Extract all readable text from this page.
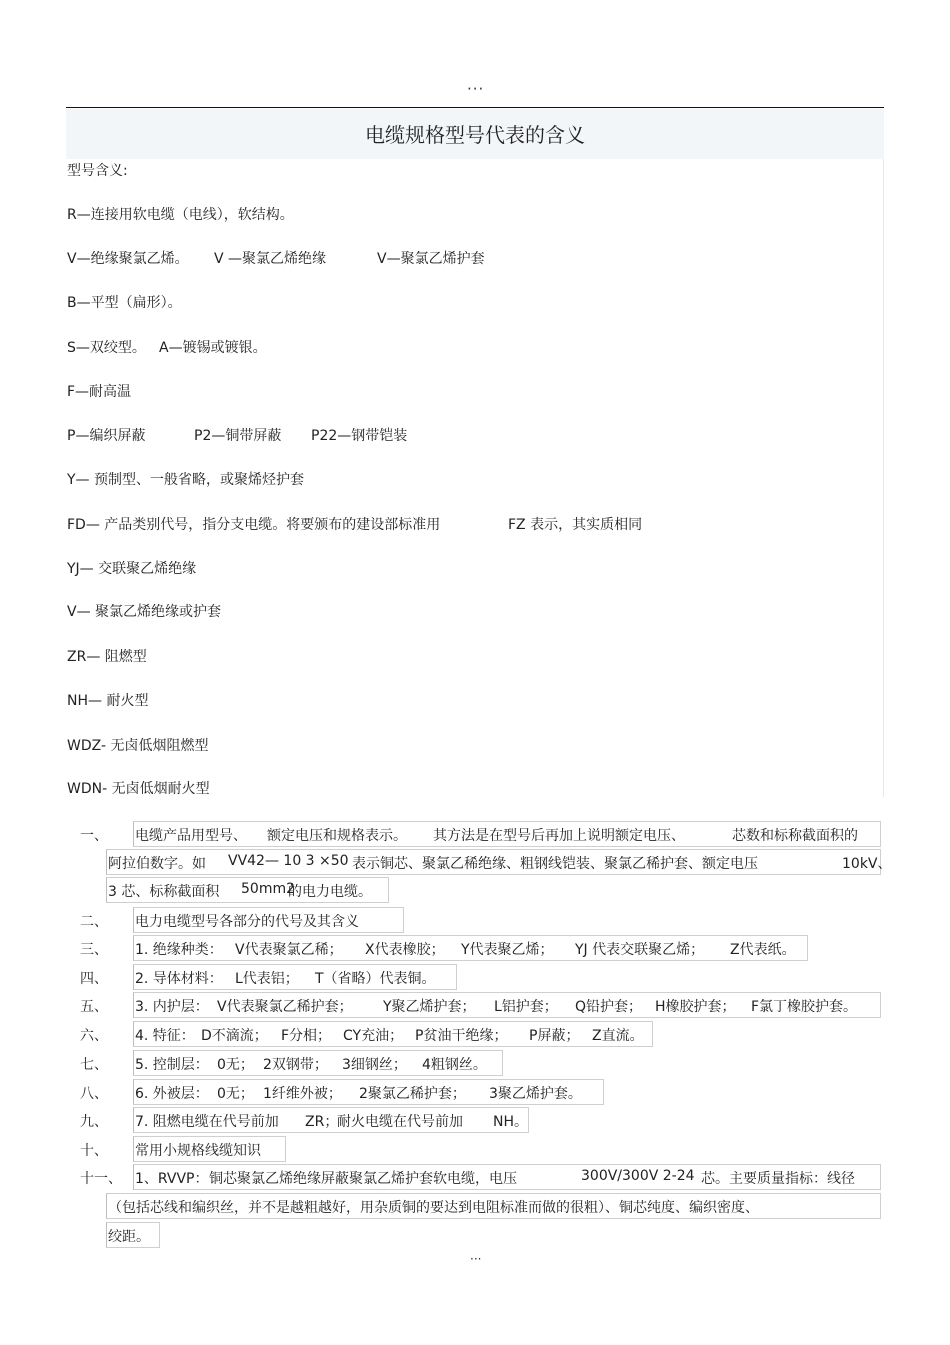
···
电缆规格型号代表的含义
型号含义:
R—连接用软电缆（电线），软结构。
V—绝缘聚氯乙烯。 V —聚氯乙烯绝缘	V—聚氯乙烯护套
B—平型（扁形）。
S—双绞型。 A—镀锡或镀银。
F—耐高温
P—编织屏蔽	P2—铜带屏蔽 P22—钢带铠装
Y— 预制型、一般省略，或聚烯烃护套
FD— 产品类别代号，指分支电缆。将要颁布的建设部标准用	FZ 表示，其实质相同
YJ— 交联聚乙烯绝缘
V— 聚氯乙烯绝缘或护套
ZR— 阻燃型
NH— 耐火型
WDZ- 无卤低烟阻燃型
WDN- 无卤低烟耐火型
一、 电缆产品用型号、 额定电压和规格表示。 其方法是在型号后再加上说明额定电压、	芯数和标称截面积的
阿拉伯数字。如 VV42— 10 3 ×50 表示铜芯、聚氯乙稀绝缘、粗钢线铠装、聚氯乙稀护套、额定电压	10kV、
3 芯、标称截面积 50mm2
的电力电缆。
二、 电力电缆型号各部分的代号及其含义
三、 1. 绝缘种类： V代表聚氯乙稀； X代表橡胶； Y代表聚乙烯； YJ 代表交联聚乙烯； Z代表纸。
四、 2. 导体材料： L代表铝； T（省略）代表铜。
五、 3. 内护层： V代表聚氯乙稀护套； Y聚乙烯护套； L铝护套； Q铅护套； H橡胶护套； F氯丁橡胶护套。
六、 4. 特征： D不滴流； F分相； CY充油； P贫油干绝缘； P屏蔽； Z直流。
七、 5. 控制层： 0无； 2双钢带； 3细钢丝； 4粗钢丝。
八、 6. 外被层： 0无； 1纤维外被； 2聚氯乙稀护套； 3聚乙烯护套。
九、 7. 阻燃电缆在代号前加 ZR；
耐火电缆在代号前加 NH。
十、 常用小规格线缆知识
十一、 1、RVVP： 铜芯聚氯乙烯绝缘屏蔽聚氯乙烯护套软电缆，电压	300V/300V 2-24 芯。主要质量指标：线径
（包括芯线和编织丝，并不是越粗越好，用杂质铜的要达到电阻标准而做的很粗）、铜芯纯度、编织密度、
绞距。
···
